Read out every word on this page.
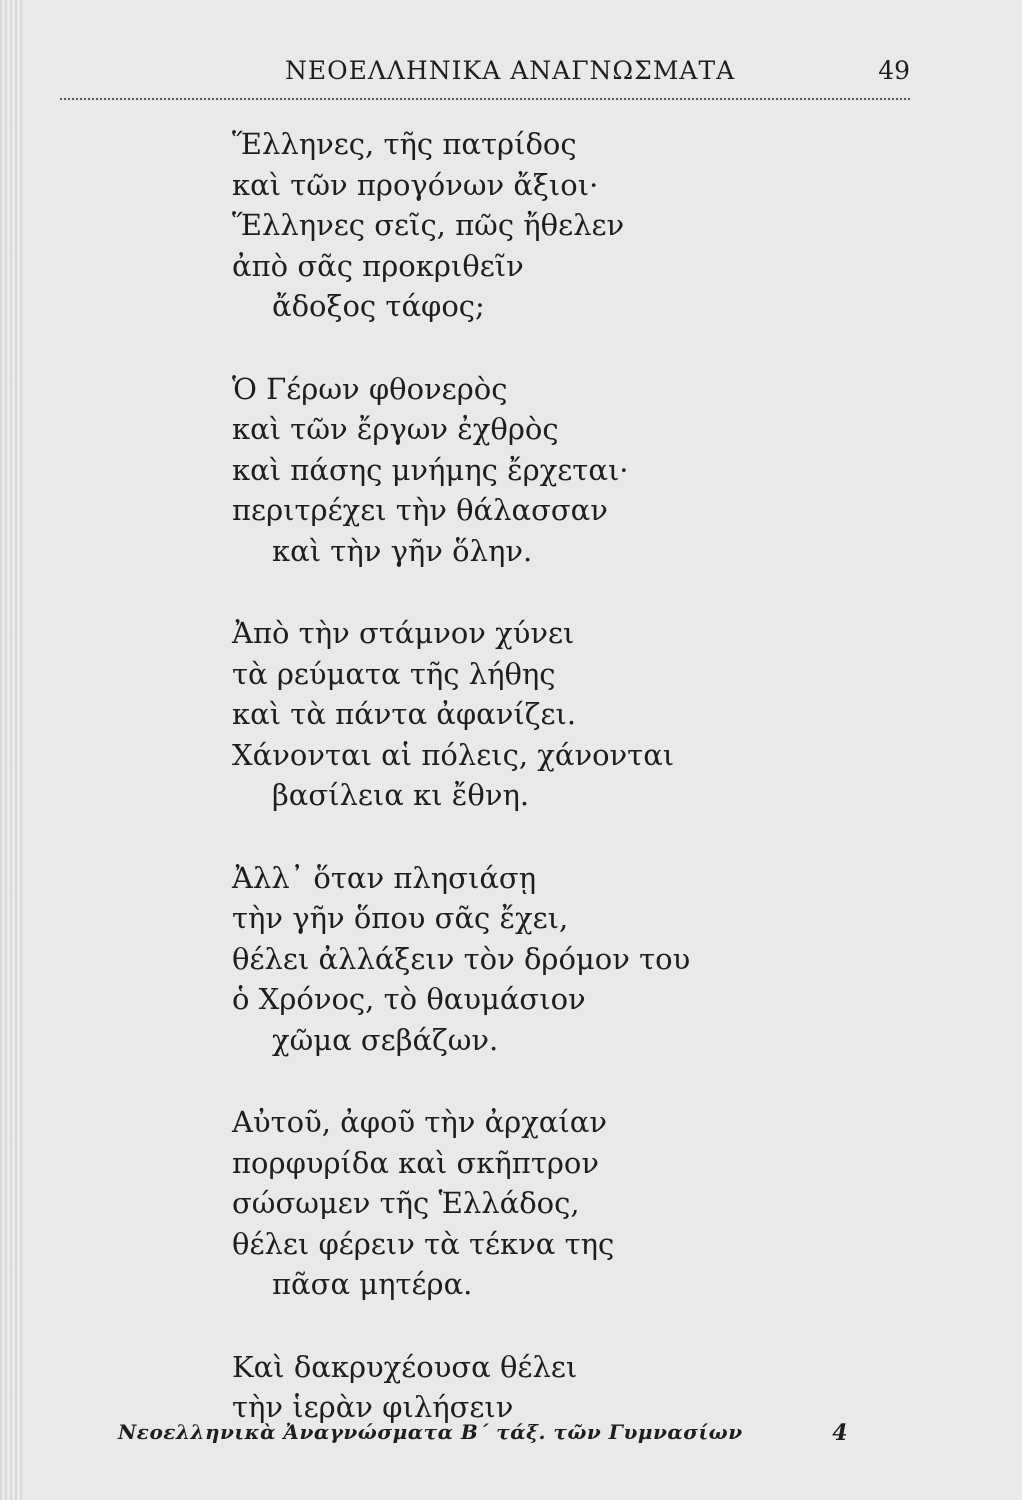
ΝΕΟΕΛΛΗΝΙΚΑ ΑΝΑΓΝΩΣΜΑΤΑ	49
Ἕλληνες, τῆς πατρίδος
καὶ τῶν προγόνων ἄξιοι·
Ἕλληνες σεῖς, πῶς ἤθελεν
ἀπὸ σᾶς προκριθεῖν
ἄδοξος τάφος;
Ὁ Γέρων φθονερὸς
καὶ τῶν ἔργων ἐχθρὸς
καὶ πάσης μνήμης ἔρχεται·
περιτρέχει τὴν θάλασσαν
καὶ τὴν γῆν ὅλην.
Ἀπὸ τὴν στάμνον χύνει
τὰ ρεύματα τῆς λήθης
καὶ τὰ πάντα ἀφανίζει.
Χάνονται αἱ πόλεις, χάνονται
βασίλεια κι ἔθνη.
Ἀλλ᾿ ὅταν πλησιάσῃ
τὴν γῆν ὅπου σᾶς ἔχει,
θέλει ἀλλάξειν τὸν δρόμον του
ὁ Χρόνος, τὸ θαυμάσιον
χῶμα σεβάζων.
Αὐτοῦ, ἀφοῦ τὴν ἀρχαίαν
πορφυρίδα καὶ σκῆπτρον
σώσωμεν τῆς Ἑλλάδος,
θέλει φέρειν τὰ τέκνα της
πᾶσα μητέρα.
Καὶ δακρυχέουσα θέλει
τὴν ἱερὰν φιλήσειν
Νεοελληνικὰ Ἀναγνώσματα Β΄ τάξ. τῶν Γυμνασίων	4
